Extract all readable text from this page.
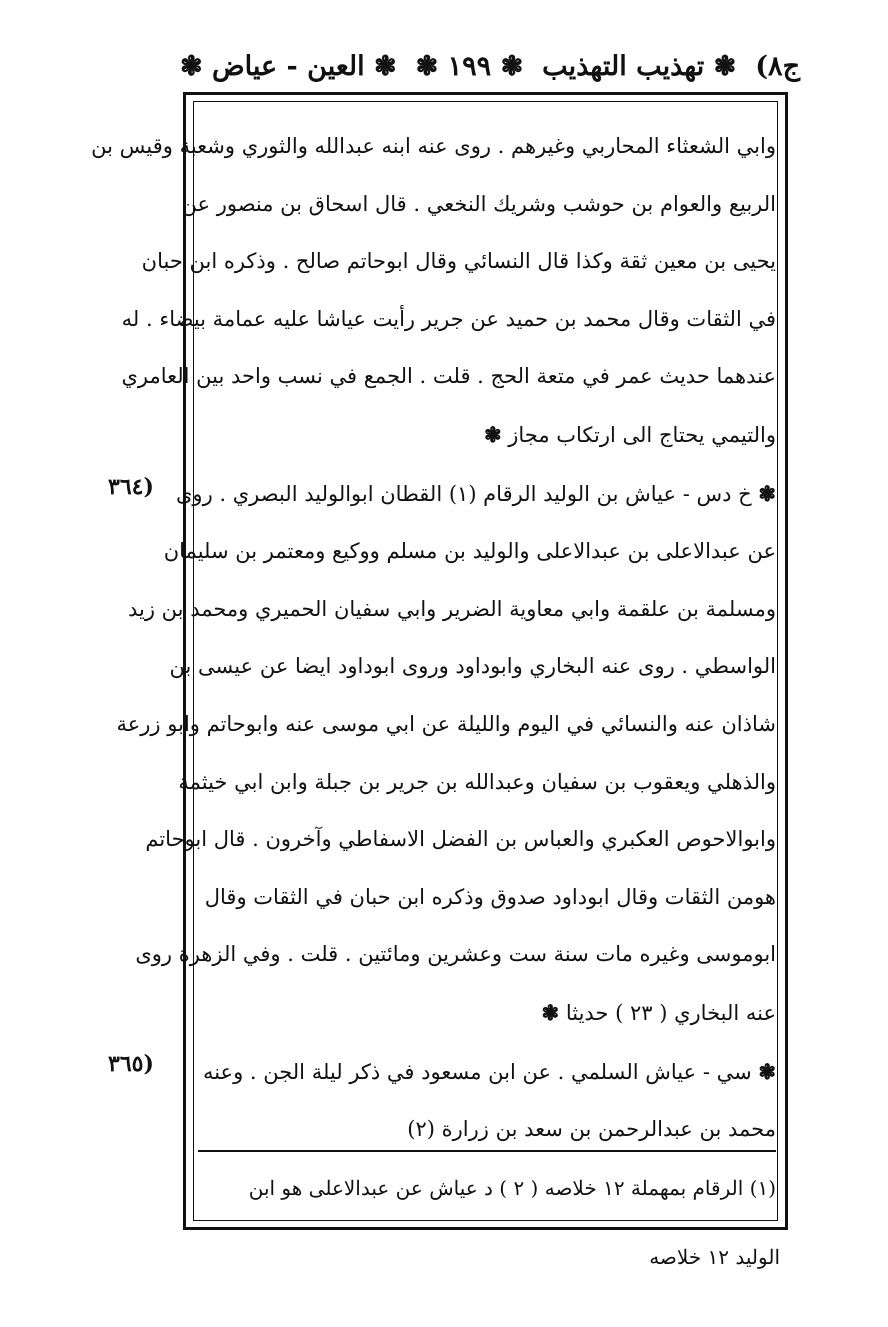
ج٨)
❃ تهذيب التهذيب
❃ ١٩٩ ❃
❃ العين - عياض ❃
وابي الشعثاء المحاربي وغيرهم . روى عنه ابنه عبدالله والثوري وشعبة وقيس بن
الربيع والعوام بن حوشب وشريك النخعي . قال اسحاق بن منصور عن
يحيى بن معين ثقة وكذا قال النسائي وقال ابوحاتم صالح . وذكره ابن حبان
في الثقات وقال محمد بن حميد عن جرير رأيت عياشا عليه عمامة بيضاء . له
عندهما حديث عمر في متعة الحج . قلت . الجمع في نسب واحد بين العامري
والتيمي يحتاج الى ارتكاب مجاز ❃
❃ خ دس - عياش بن الوليد الرقام (١) القطان ابوالوليد البصري . روى
عن عبدالاعلى بن عبدالاعلى والوليد بن مسلم ووكيع ومعتمر بن سليمان
ومسلمة بن علقمة وابي معاوية الضرير وابي سفيان الحميري ومحمد بن زيد
الواسطي . روى عنه البخاري وابوداود وروى ابوداود ايضا عن عيسى بن
شاذان عنه والنسائي في اليوم والليلة عن ابي موسى عنه وابوحاتم وابو زرعة
والذهلي ويعقوب بن سفيان وعبدالله بن جرير بن جبلة وابن ابي خيثمة
وابوالاحوص العكبري والعباس بن الفضل الاسفاطي وآخرون . قال ابوحاتم
هومن الثقات وقال ابوداود صدوق وذكره ابن حبان في الثقات وقال
ابوموسى وغيره مات سنة ست وعشرين ومائتين . قلت . وفي الزهرة روى
عنه البخاري ( ٢٣ ) حديثا ❃
❃ سي - عياش السلمي . عن ابن مسعود في ذكر ليلة الجن . وعنه
محمد بن عبدالرحمن بن سعد بن زرارة (٢)
(٣٦٤
(٣٦٥
(١) الرقام بمهملة ١٢ خلاصه ( ٢ ) د عياش عن عبدالاعلى هو ابن
الوليد ١٢ خلاصه
